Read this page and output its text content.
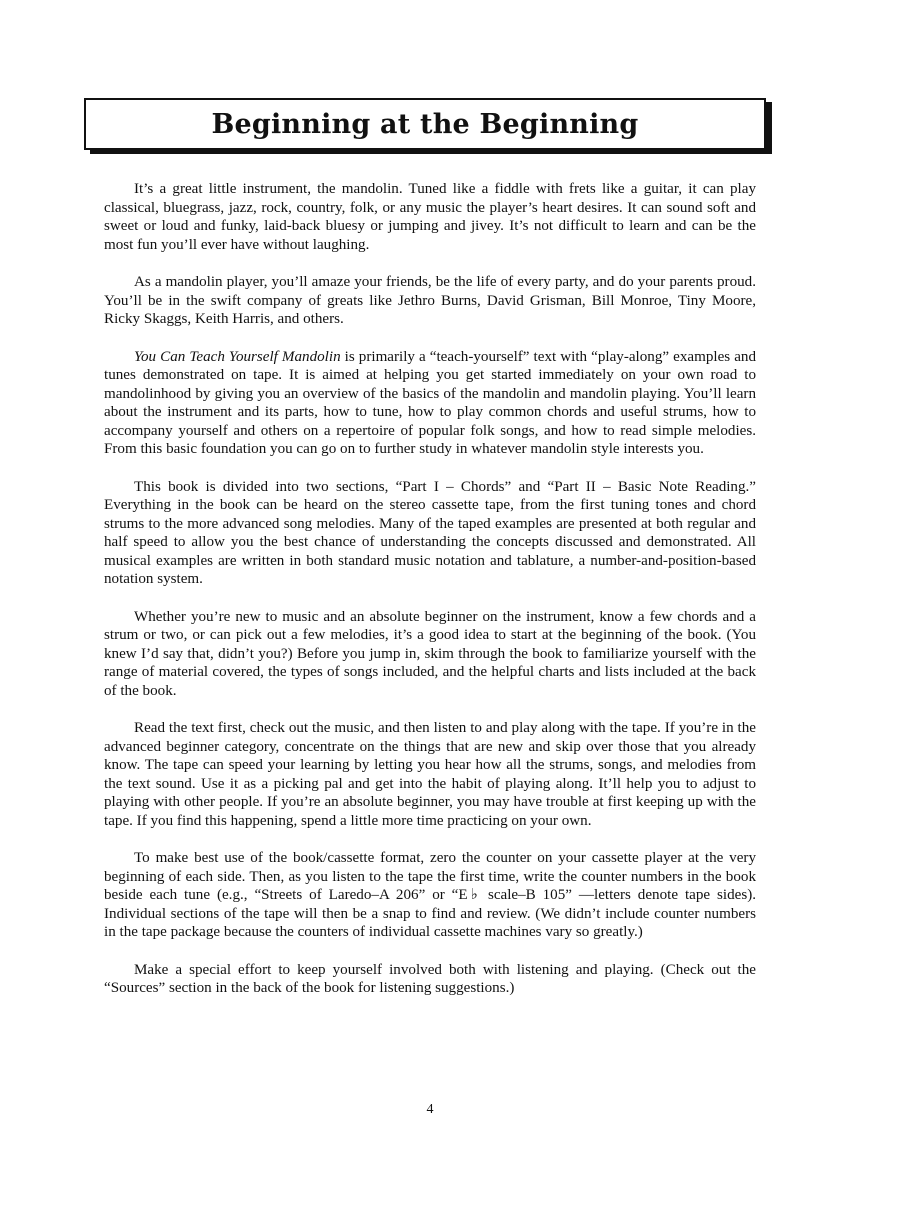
Beginning at the Beginning

It’s a great little instrument, the mandolin. Tuned like a fiddle with frets like a guitar, it can play classical, bluegrass, jazz, rock, country, folk, or any music the player’s heart desires. It can sound soft and sweet or loud and funky, laid-back bluesy or jumping and jivey. It’s not difficult to learn and can be the most fun you’ll ever have without laughing.

As a mandolin player, you’ll amaze your friends, be the life of every party, and do your parents proud. You’ll be in the swift company of greats like Jethro Burns, David Grisman, Bill Monroe, Tiny Moore, Ricky Skaggs, Keith Harris, and others.

You Can Teach Yourself Mandolin is primarily a “teach-yourself” text with “play-along” examples and tunes demonstrated on tape. It is aimed at helping you get started immediately on your own road to mandolinhood by giving you an overview of the basics of the mandolin and mandolin playing. You’ll learn about the instrument and its parts, how to tune, how to play common chords and useful strums, how to accompany yourself and others on a repertoire of popular folk songs, and how to read simple melodies. From this basic foundation you can go on to further study in whatever mandolin style interests you.

This book is divided into two sections, “Part I – Chords” and “Part II – Basic Note Reading.” Everything in the book can be heard on the stereo cassette tape, from the first tuning tones and chord strums to the more advanced song melodies. Many of the taped examples are presented at both regular and half speed to allow you the best chance of understanding the concepts discussed and demonstrated. All musical examples are written in both standard music notation and tablature, a number-and-position-based notation system.

Whether you’re new to music and an absolute beginner on the instrument, know a few chords and a strum or two, or can pick out a few melodies, it’s a good idea to start at the beginning of the book. (You knew I’d say that, didn’t you?) Before you jump in, skim through the book to familiarize yourself with the range of material covered, the types of songs included, and the helpful charts and lists included at the back of the book.

Read the text first, check out the music, and then listen to and play along with the tape. If you’re in the advanced beginner category, concentrate on the things that are new and skip over those that you already know. The tape can speed your learning by letting you hear how all the strums, songs, and melodies from the text sound. Use it as a picking pal and get into the habit of playing along. It’ll help you to adjust to playing with other people. If you’re an absolute beginner, you may have trouble at first keeping up with the tape. If you find this happening, spend a little more time practicing on your own.

To make best use of the book/cassette format, zero the counter on your cassette player at the very beginning of each side. Then, as you listen to the tape the first time, write the counter numbers in the book beside each tune (e.g., “Streets of Laredo–A 206” or “E♭ scale–B 105” —letters denote tape sides). Individual sections of the tape will then be a snap to find and review. (We didn’t include counter numbers in the tape package because the counters of individual cassette machines vary so greatly.)

Make a special effort to keep yourself involved both with listening and playing. (Check out the “Sources” section in the back of the book for listening suggestions.)

4
